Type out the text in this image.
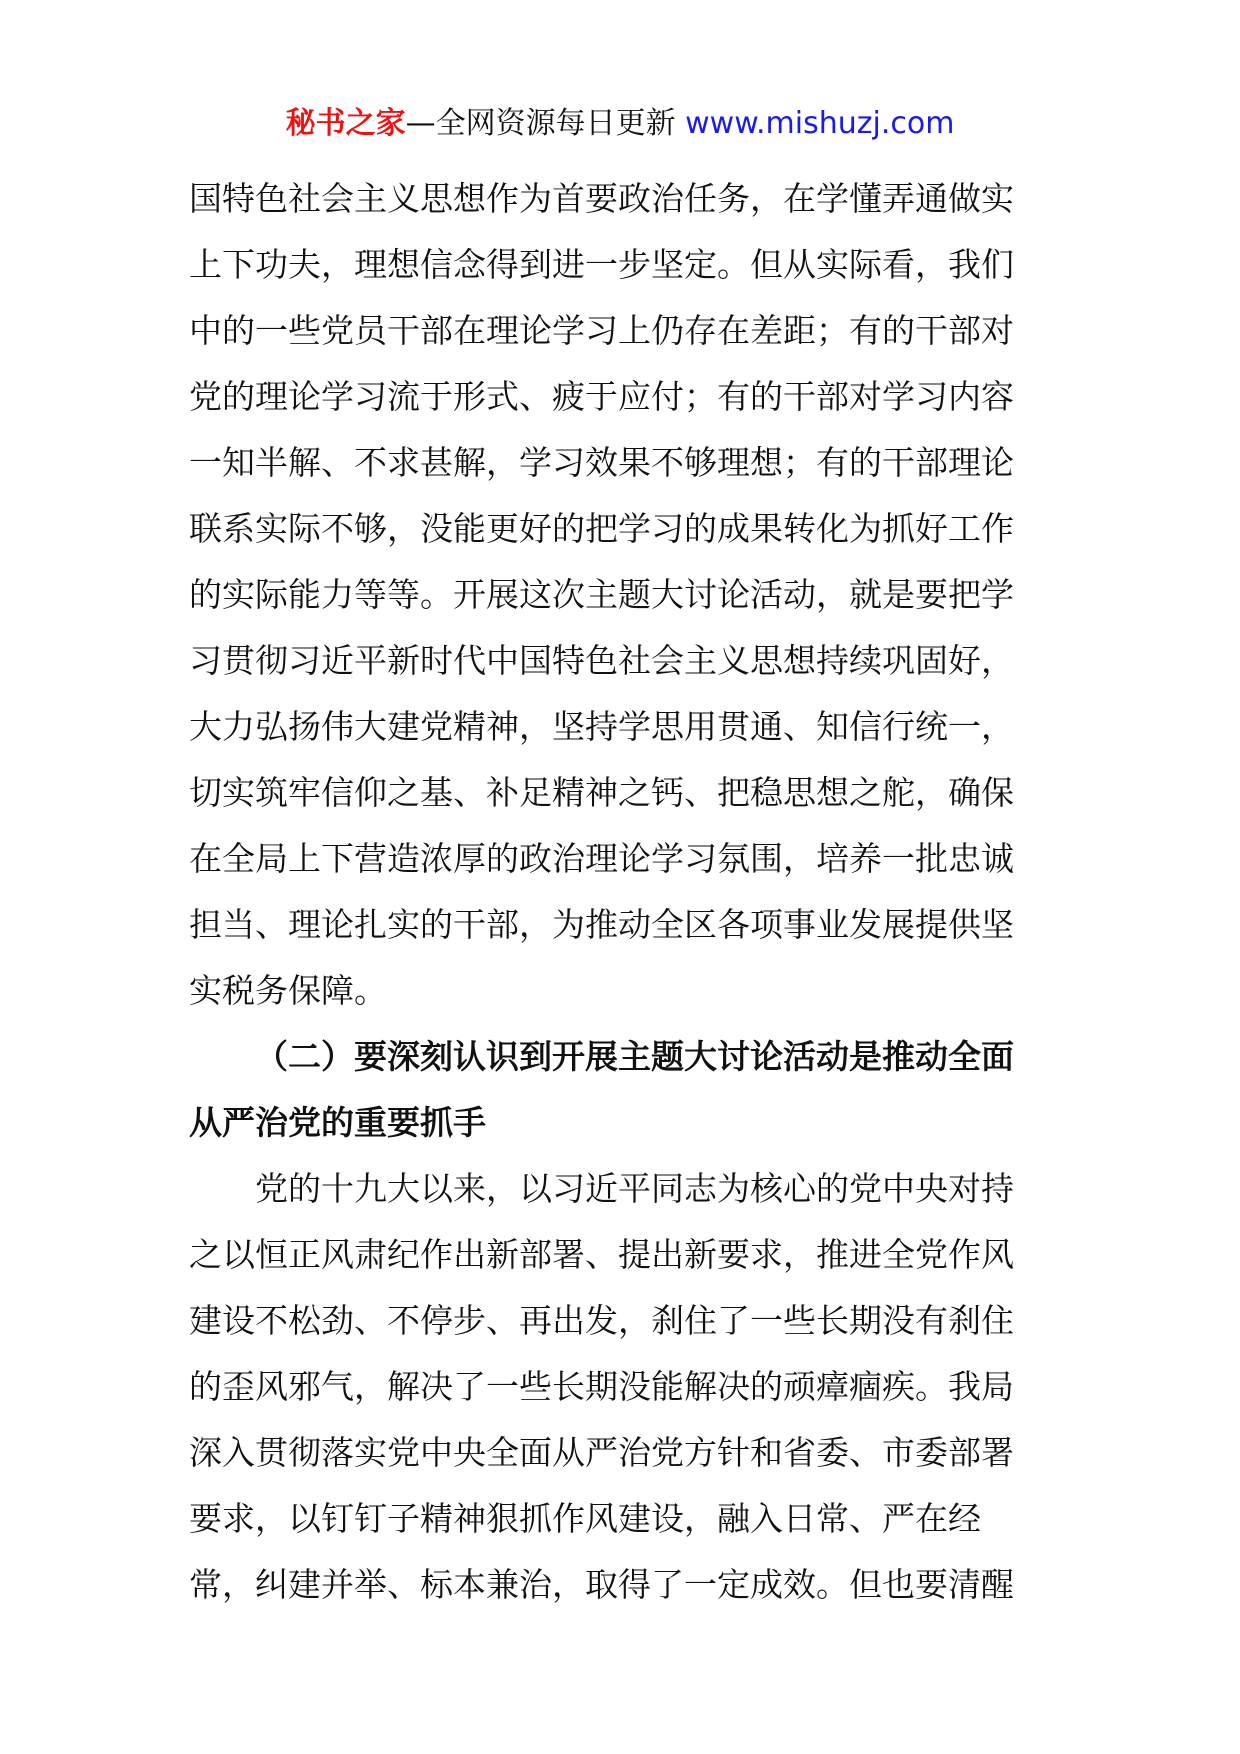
秘书之家—全网资源每日更新 www.mishuzj.com
国特色社会主义思想作为首要政治任务，在学懂弄通做实
上下功夫，理想信念得到进一步坚定。但从实际看，我们
中的一些党员干部在理论学习上仍存在差距；有的干部对
党的理论学习流于形式、疲于应付；有的干部对学习内容
一知半解、不求甚解，学习效果不够理想；有的干部理论
联系实际不够，没能更好的把学习的成果转化为抓好工作
的实际能力等等。开展这次主题大讨论活动，就是要把学
习贯彻习近平新时代中国特色社会主义思想持续巩固好，
大力弘扬伟大建党精神，坚持学思用贯通、知信行统一，
切实筑牢信仰之基、补足精神之钙、把稳思想之舵，确保
在全局上下营造浓厚的政治理论学习氛围，培养一批忠诚
担当、理论扎实的干部，为推动全区各项事业发展提供坚
实税务保障。
（二）要深刻认识到开展主题大讨论活动是推动全面
从严治党的重要抓手
党的十九大以来，以习近平同志为核心的党中央对持
之以恒正风肃纪作出新部署、提出新要求，推进全党作风
建设不松劲、不停步、再出发，刹住了一些长期没有刹住
的歪风邪气，解决了一些长期没能解决的顽瘴痼疾。我局
深入贯彻落实党中央全面从严治党方针和省委、市委部署
要求，以钉钉子精神狠抓作风建设，融入日常、严在经
常，纠建并举、标本兼治，取得了一定成效。但也要清醒
